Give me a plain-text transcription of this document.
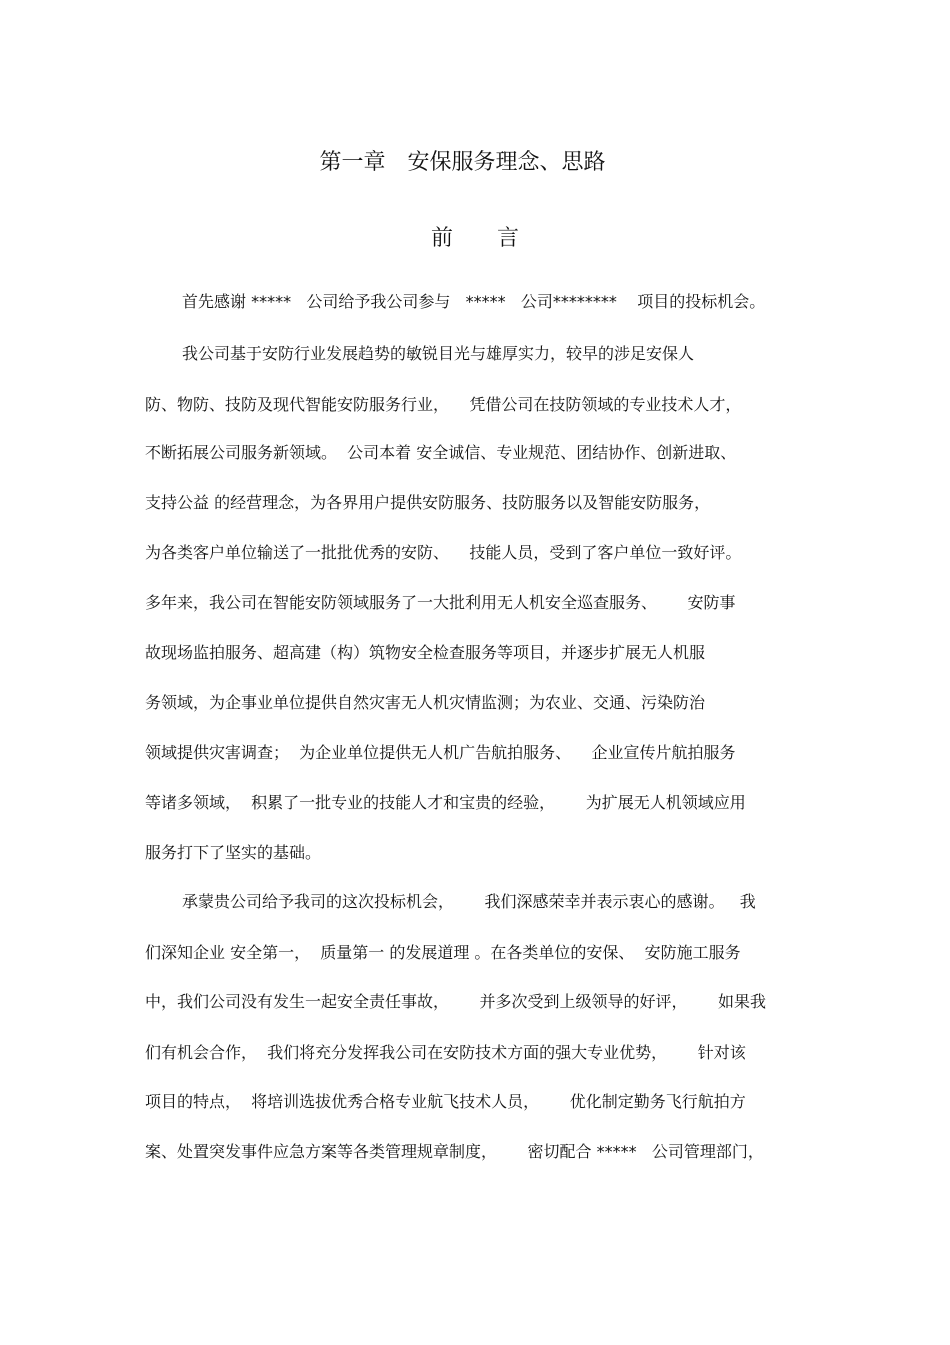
第一章　安保服务理念、思路
前　　言
首先感谢 *****   公司给予我公司参与   *****   公司********    项目的投标机会。
我公司基于安防行业发展趋势的敏锐目光与雄厚实力，较早的涉足安保人
防、物防、技防及现代智能安防服务行业，    凭借公司在技防领域的专业技术人才，
不断拓展公司服务新领域。  公司本着 安全诚信、专业规范、团结协作、创新进取、
支持公益 的经营理念，为各界用户提供安防服务、技防服务以及智能安防服务，
为各类客户单位输送了一批批优秀的安防、    技能人员，受到了客户单位一致好评。
多年来，我公司在智能安防领域服务了一大批利用无人机安全巡查服务、      安防事
故现场监拍服务、超高建（构）筑物安全检查服务等项目，并逐步扩展无人机服
务领域，为企事业单位提供自然灾害无人机灾情监测；为农业、交通、污染防治
领域提供灾害调查；  为企业单位提供无人机广告航拍服务、    企业宣传片航拍服务
等诸多领域，  积累了一批专业的技能人才和宝贵的经验，      为扩展无人机领域应用
服务打下了坚实的基础。
承蒙贵公司给予我司的这次投标机会，      我们深感荣幸并表示衷心的感谢。   我
们深知企业 安全第一，  质量第一 的发展道理 。在各类单位的安保、  安防施工服务
中，我们公司没有发生一起安全责任事故，      并多次受到上级领导的好评，      如果我
们有机会合作，  我们将充分发挥我公司在安防技术方面的强大专业优势，      针对该
项目的特点，  将培训选拔优秀合格专业航飞技术人员，      优化制定勤务飞行航拍方
案、处置突发事件应急方案等各类管理规章制度，      密切配合 *****   公司管理部门，
